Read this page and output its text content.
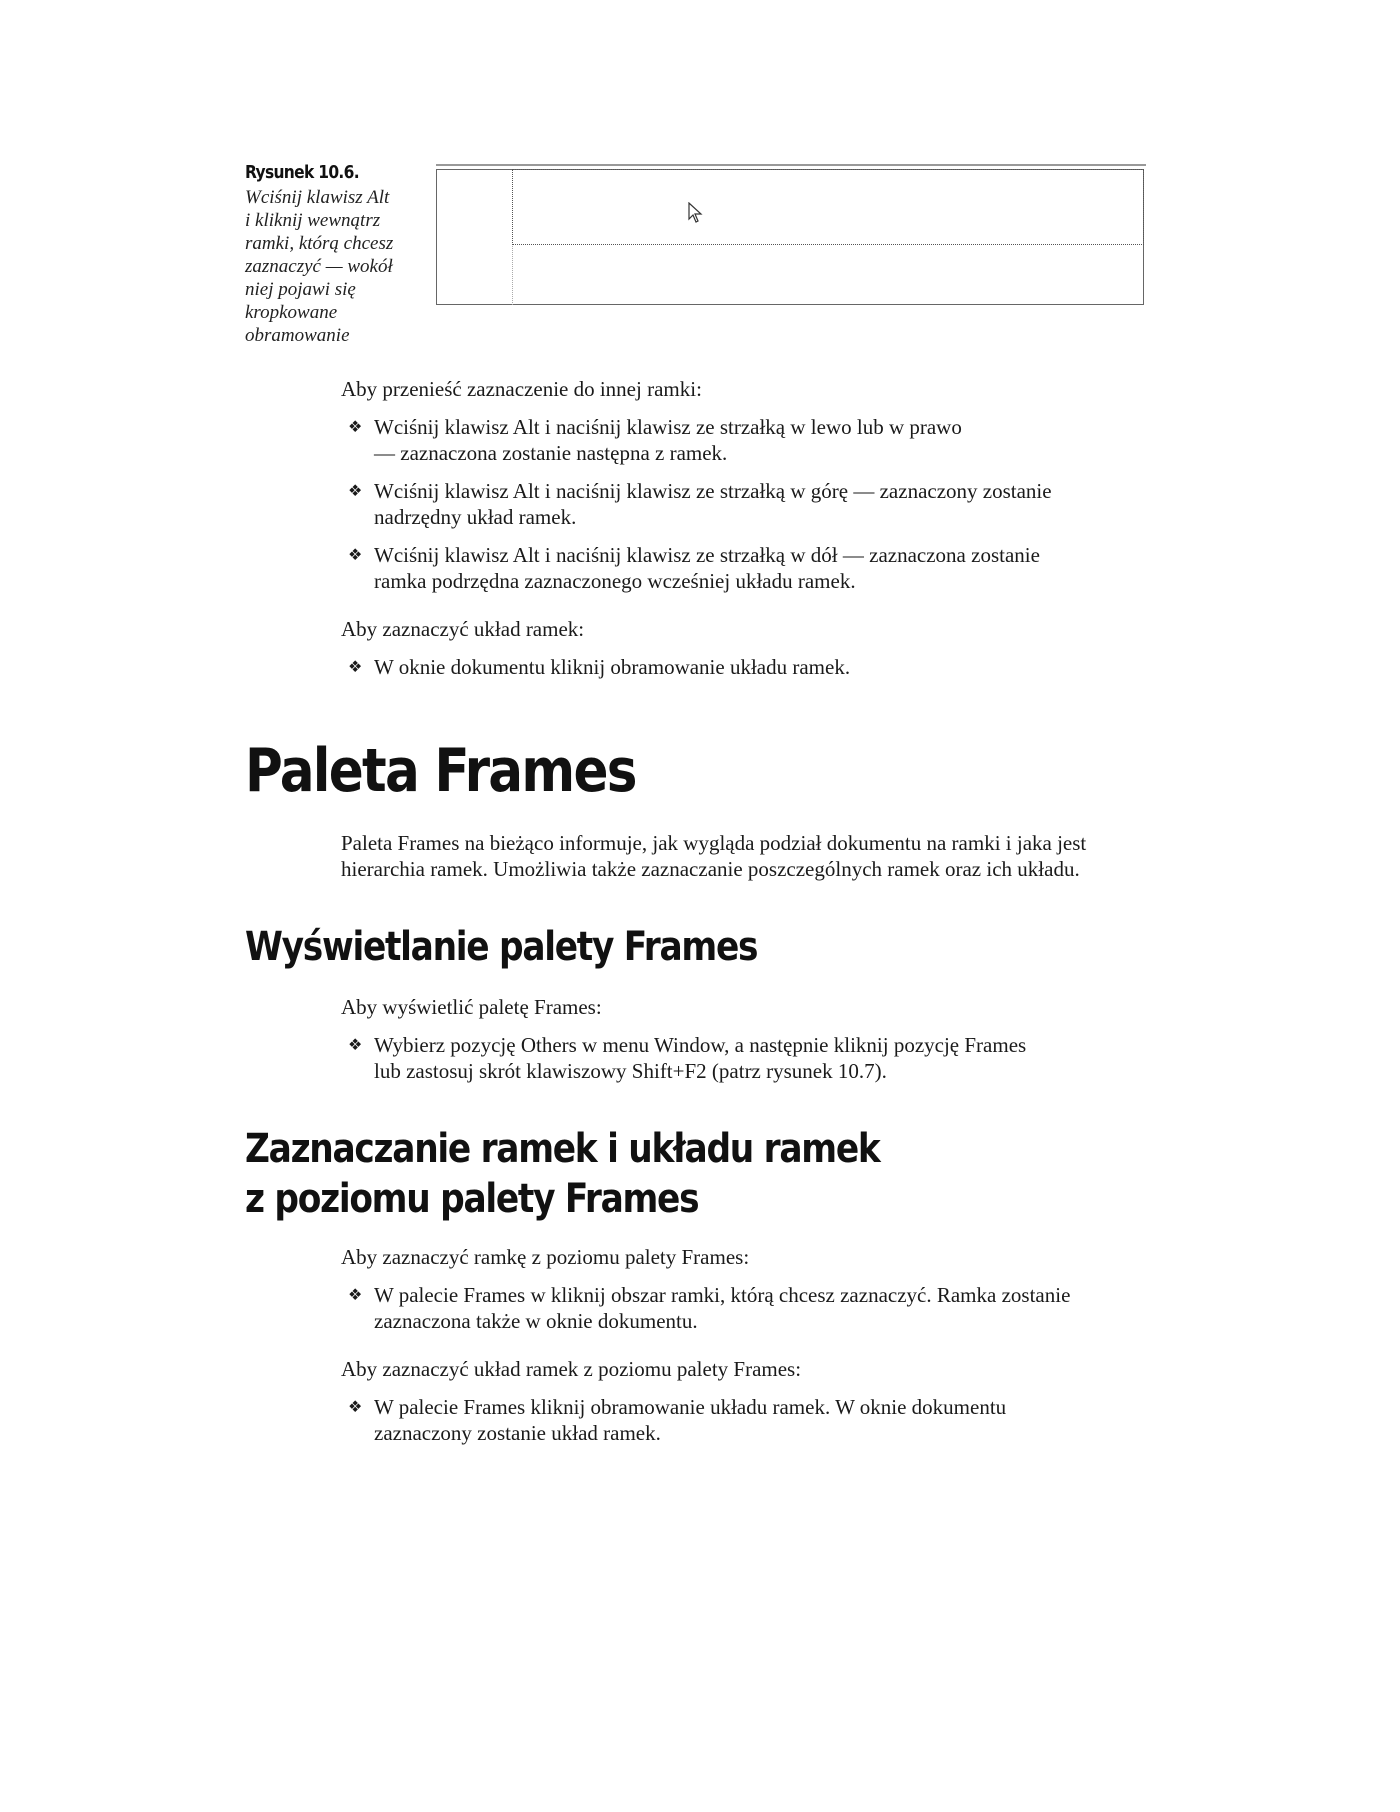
Rysunek 10.6.
Wciśnij klawisz Alt
i kliknij wewnątrz
ramki, którą chcesz
zaznaczyć — wokół
niej pojawi się
kropkowane
obramowanie
Aby przenieść zaznaczenie do innej ramki:
❖ Wciśnij klawisz Alt i naciśnij klawisz ze strzałką w lewo lub w prawo
— zaznaczona zostanie następna z ramek.
❖ Wciśnij klawisz Alt i naciśnij klawisz ze strzałką w górę — zaznaczony zostanie
nadrzędny układ ramek.
❖ Wciśnij klawisz Alt i naciśnij klawisz ze strzałką w dół — zaznaczona zostanie
ramka podrzędna zaznaczonego wcześniej układu ramek.
Aby zaznaczyć układ ramek:
❖ W oknie dokumentu kliknij obramowanie układu ramek.
Paleta Frames
Paleta Frames na bieżąco informuje, jak wygląda podział dokumentu na ramki i jaka jest
hierarchia ramek. Umożliwia także zaznaczanie poszczególnych ramek oraz ich układu.
Wyświetlanie palety Frames
Aby wyświetlić paletę Frames:
❖ Wybierz pozycję Others w menu Window, a następnie kliknij pozycję Frames
lub zastosuj skrót klawiszowy Shift+F2 (patrz rysunek 10.7).
Zaznaczanie ramek i układu ramek
z poziomu palety Frames
Aby zaznaczyć ramkę z poziomu palety Frames:
❖ W palecie Frames w kliknij obszar ramki, którą chcesz zaznaczyć. Ramka zostanie
zaznaczona także w oknie dokumentu.
Aby zaznaczyć układ ramek z poziomu palety Frames:
❖ W palecie Frames kliknij obramowanie układu ramek. W oknie dokumentu
zaznaczony zostanie układ ramek.
